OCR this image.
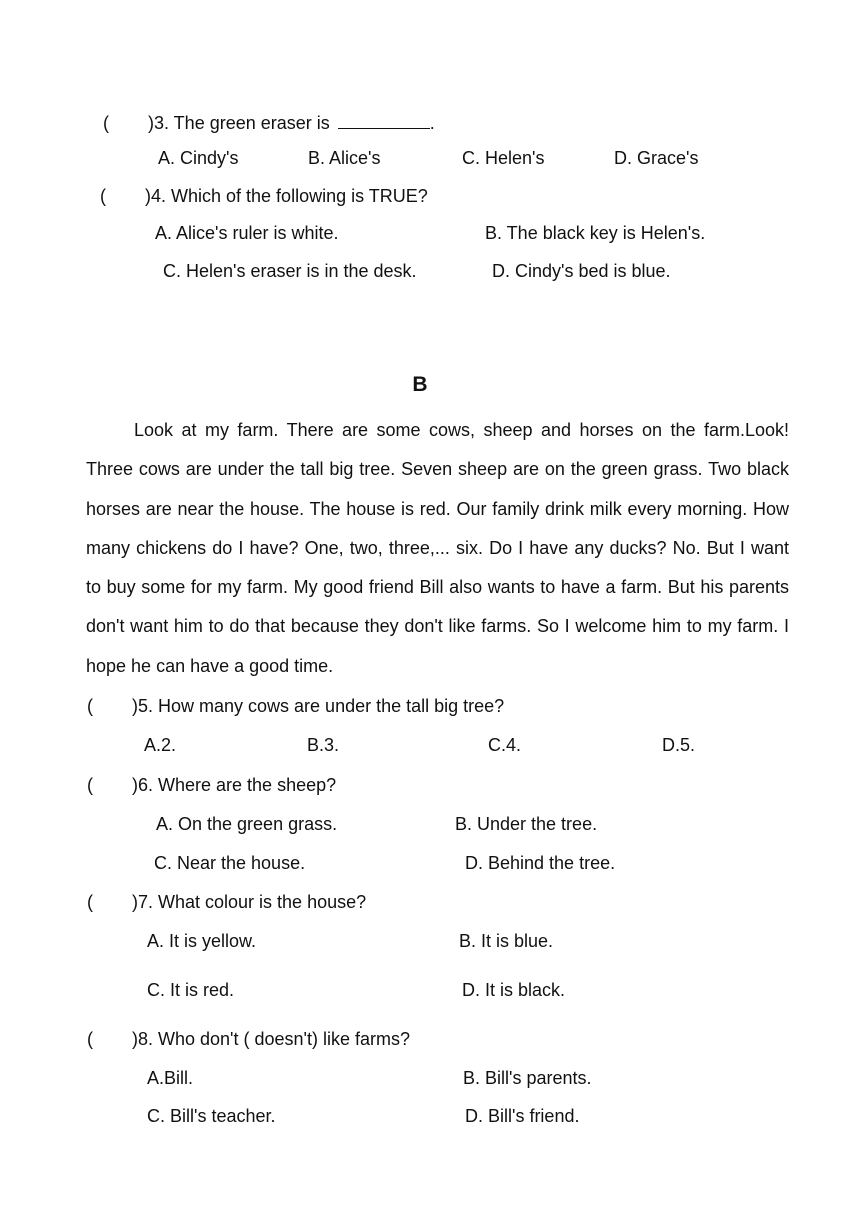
( )3. The green eraser is	.
A. Cindy's	B. Alice's	C. Helen's	D. Grace's
( )4. Which of the following is TRUE?
A. Alice's ruler is white.	B. The black key is Helen's.
C. Helen's eraser is in the desk.	D. Cindy's bed is blue.
B
Look at my farm. There are some cows, sheep and horses on the farm.Look! Three cows are under the tall big tree. Seven sheep are on the green grass. Two black horses are near the house. The house is red. Our family drink milk every morning. How many chickens do I have? One, two, three,... six. Do I have any ducks? No. But I want to buy some for my farm. My good friend Bill also wants to have a farm. But his parents don't want him to do that because they don't like farms. So I welcome him to my farm. I hope he can have a good time.
( )5. How many cows are under the tall big tree?
A.2.	B.3.	C.4.	D.5.
( )6. Where are the sheep?
A. On the green grass.	B. Under the tree.
C. Near the house.	D. Behind the tree.
( )7. What colour is the house?
A. It is yellow.	B. It is blue.
C. It is red.	D. It is black.
( )8. Who don't ( doesn't) like farms?
A.Bill.	B. Bill's parents.
C. Bill's teacher.	D. Bill's friend.
